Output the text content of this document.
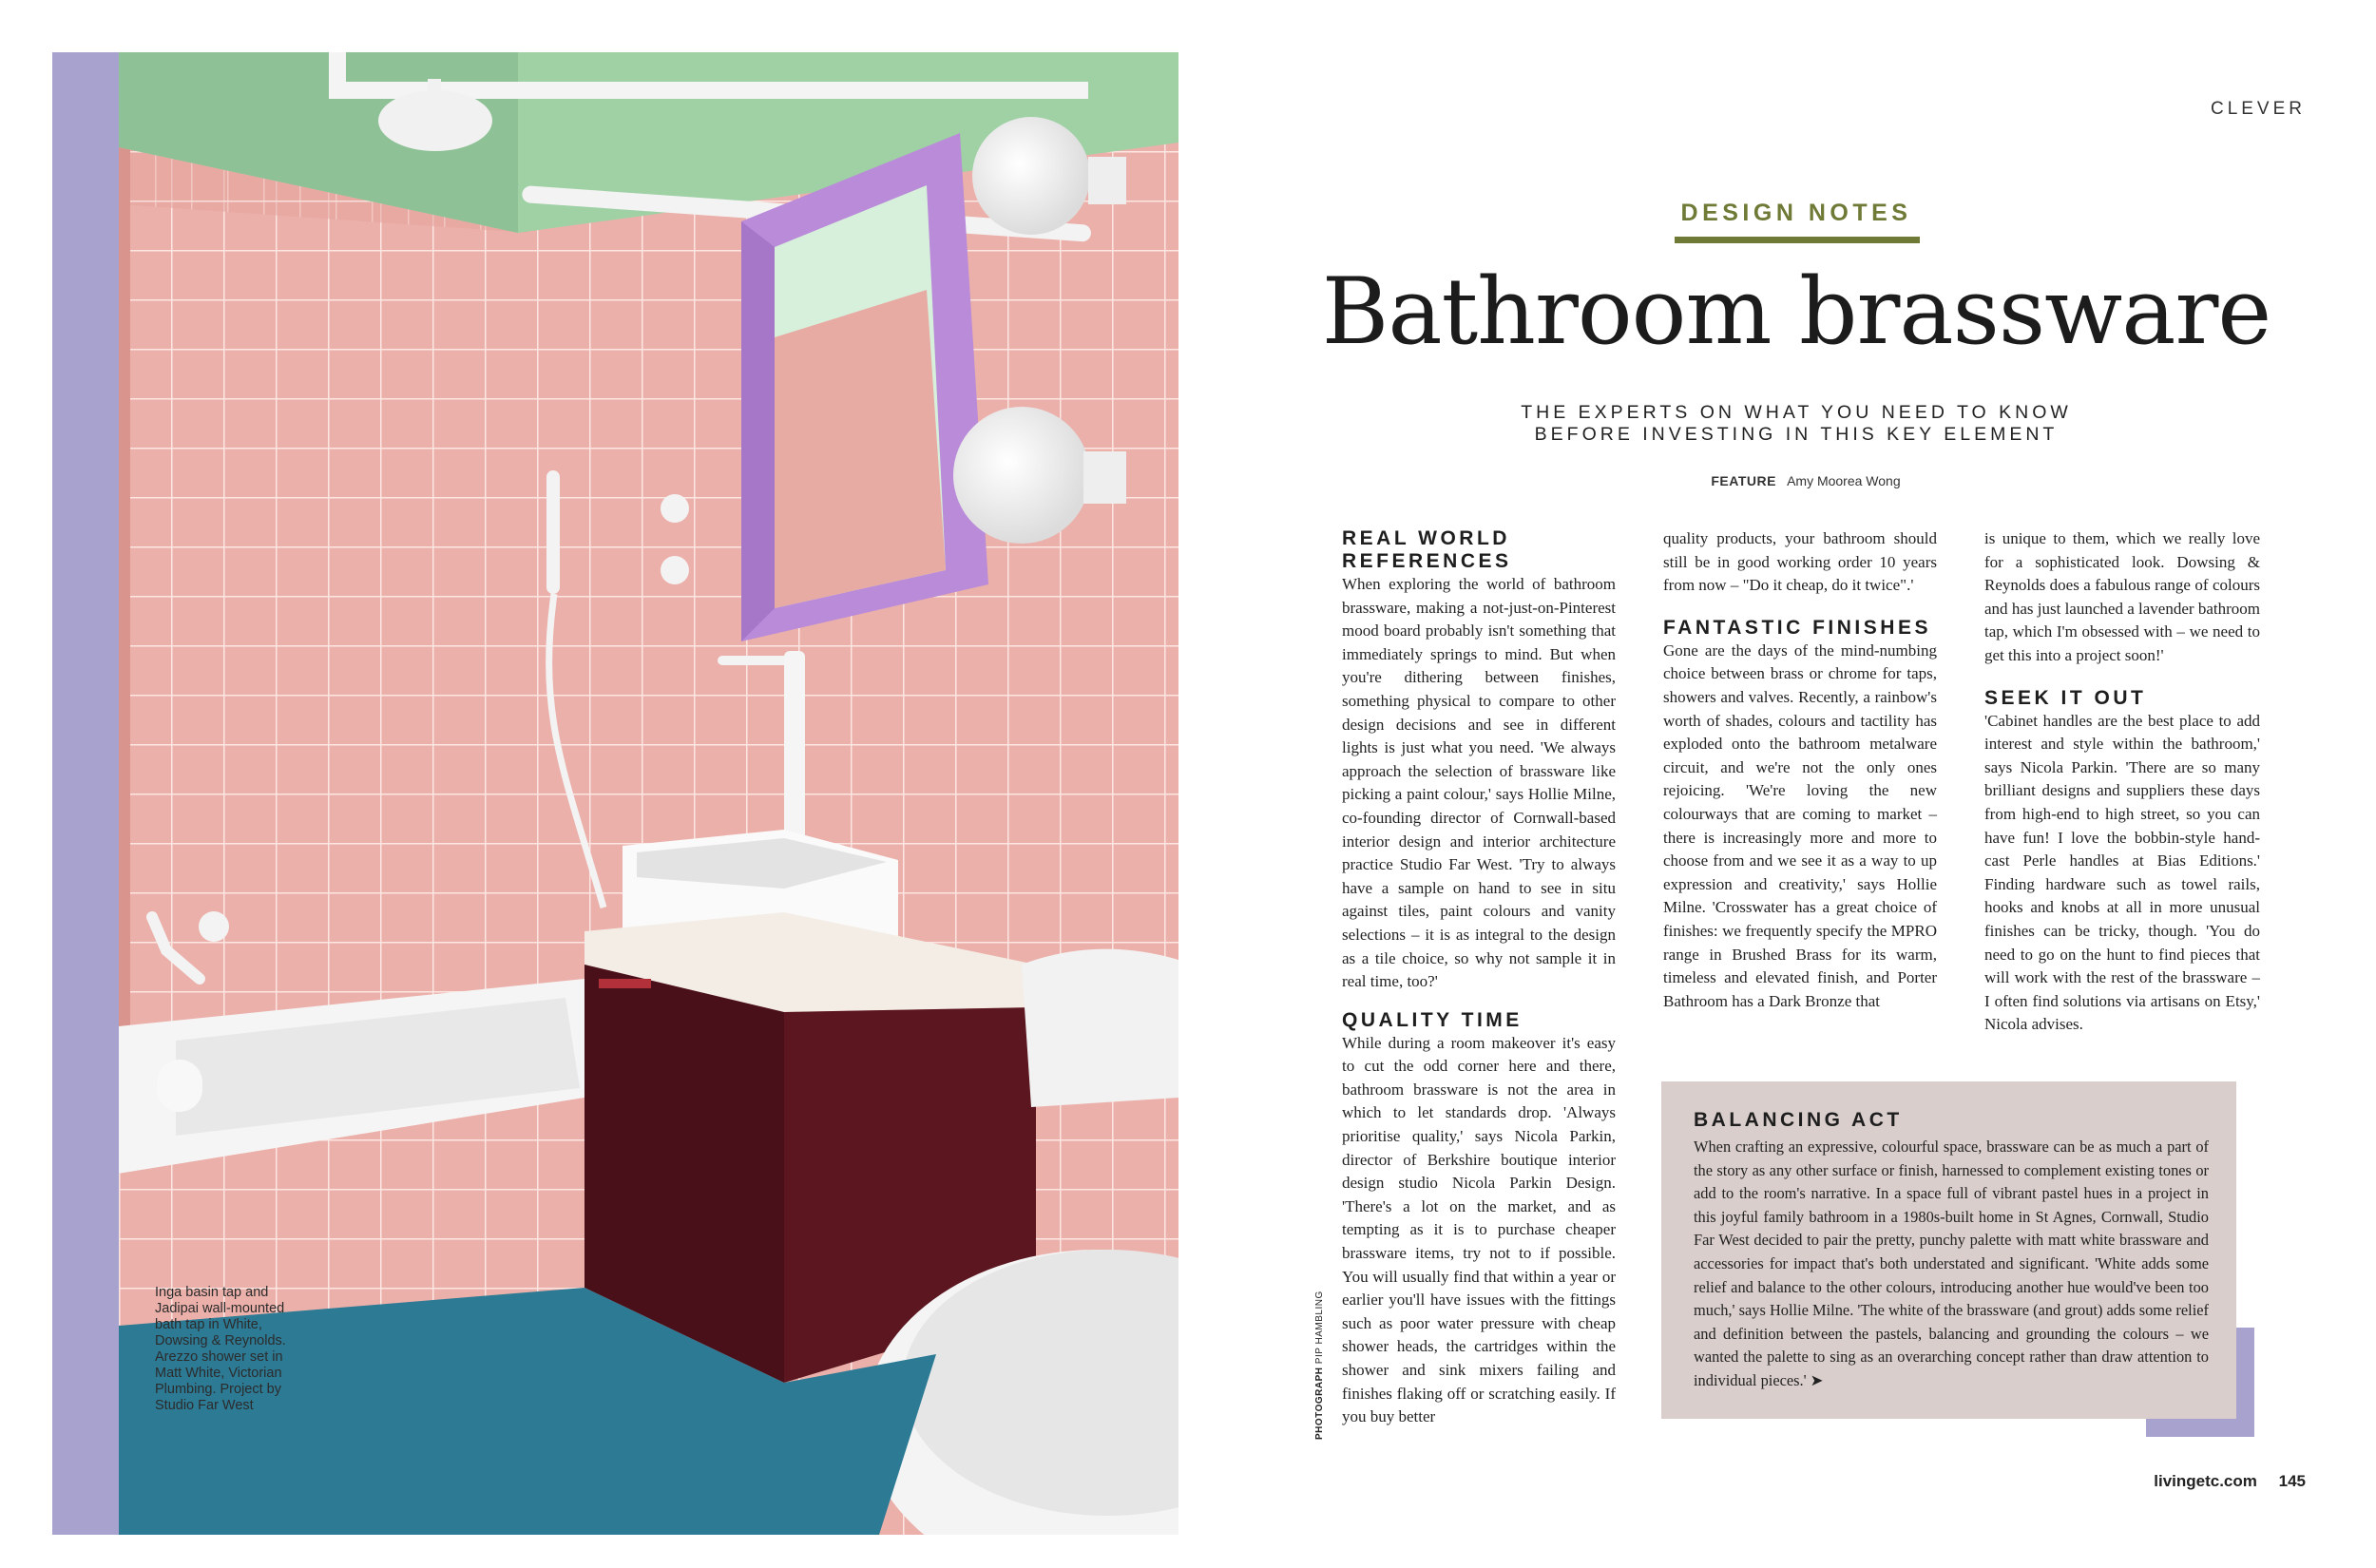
Inga basin tap and Jadipai wall-mounted bath tap in White, Dowsing & Reynolds. Arezzo shower set in Matt White, Victorian Plumbing. Project by Studio Far West	PHOTOGRAPH PIP HAMBLING
CLEVER
DESIGN NOTES
Bathroom brassware
THE EXPERTS ON WHAT YOU NEED TO KNOW
BEFORE INVESTING IN THIS KEY ELEMENT
FEATURE Amy Moorea Wong
REAL WORLD REFERENCES

When exploring the world of bathroom brassware, making a not-just-on-Pinterest mood board probably isn't something that immediately springs to mind. But when you're dithering between finishes, something physical to compare to other design decisions and see in different lights is just what you need. 'We always approach the selection of brassware like picking a paint colour,' says Hollie Milne, co-founding director of Cornwall-based interior design and interior architecture practice Studio Far West. 'Try to always have a sample on hand to see in situ against tiles, paint colours and vanity selections – it is as integral to the design as a tile choice, so why not sample it in real time, too?'

QUALITY TIME

While during a room makeover it's easy to cut the odd corner here and there, bathroom brassware is not the area in which to let standards drop. 'Always prioritise quality,' says Nicola Parkin, director of Berkshire boutique interior design studio Nicola Parkin Design. 'There's a lot on the market, and as tempting as it is to purchase cheaper brassware items, try not to if possible. You will usually find that within a year or earlier you'll have issues with the fittings such as poor water pressure with cheap shower heads, the cartridges within the shower and sink mixers failing and finishes flaking off or scratching easily. If you buy better

quality products, your bathroom should still be in good working order 10 years from now – "Do it cheap, do it twice".'

FANTASTIC FINISHES

Gone are the days of the mind-numbing choice between brass or chrome for taps, showers and valves. Recently, a rainbow's worth of shades, colours and tactility has exploded onto the bathroom metalware circuit, and we're not the only ones rejoicing. 'We're loving the new colourways that are coming to market – there is increasingly more and more to choose from and we see it as a way to up expression and creativity,' says Hollie Milne. 'Crosswater has a great choice of finishes: we frequently specify the MPRO range in Brushed Brass for its warm, timeless and elevated finish, and Porter Bathroom has a Dark Bronze that

is unique to them, which we really love for a sophisticated look. Dowsing & Reynolds does a fabulous range of colours and has just launched a lavender bathroom tap, which I'm obsessed with – we need to get this into a project soon!'

SEEK IT OUT

'Cabinet handles are the best place to add interest and style within the bathroom,' says Nicola Parkin. 'There are so many brilliant designs and suppliers these days from high-end to high street, so you can have fun! I love the bobbin-style hand-cast Perle handles at Bias Editions.' Finding hardware such as towel rails, hooks and knobs at all in more unusual finishes can be tricky, though. 'You do need to go on the hunt to find pieces that will work with the rest of the brassware – I often find solutions via artisans on Etsy,' Nicola advises.

BALANCING ACT
When crafting an expressive, colourful space, brassware can be as much a part of the story as any other surface or finish, harnessed to complement existing tones or add to the room's narrative. In a space full of vibrant pastel hues in a project in this joyful family bathroom in a 1980s-built home in St Agnes, Cornwall, Studio Far West decided to pair the pretty, punchy palette with matt white brassware and accessories for impact that's both understated and significant. 'White adds some relief and balance to the other colours, introducing another hue would've been too much,' says Hollie Milne. 'The white of the brassware (and grout) adds some relief and definition between the pastels, balancing and grounding the colours – we wanted the palette to sing as an overarching concept rather than draw attention to individual pieces.' ➤
livingetc.com 145
